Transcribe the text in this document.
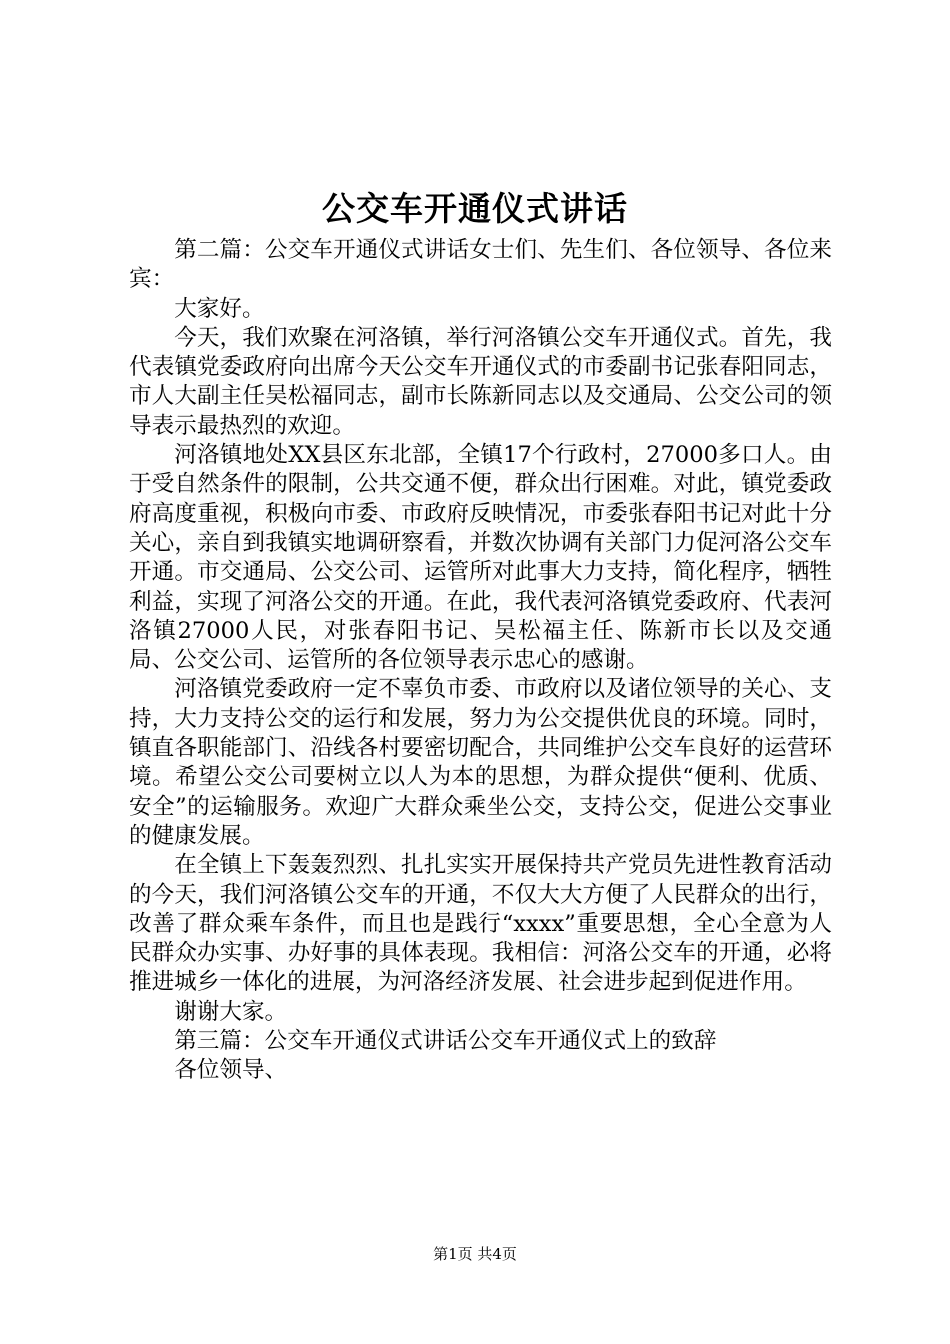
公交车开通仪式讲话

第二篇：公交车开通仪式讲话女士们、先生们、各位领导、各位来宾：

大家好。

今天，我们欢聚在河洛镇，举行河洛镇公交车开通仪式。首先，我代表镇党委政府向出席今天公交车开通仪式的市委副书记张春阳同志，市人大副主任吴松福同志，副市长陈新同志以及交通局、公交公司的领导表示最热烈的欢迎。

河洛镇地处XX县区东北部，全镇17个行政村，27000多口人。由于受自然条件的限制，公共交通不便，群众出行困难。对此，镇党委政府高度重视，积极向市委、市政府反映情况，市委张春阳书记对此十分关心，亲自到我镇实地调研察看，并数次协调有关部门力促河洛公交车开通。市交通局、公交公司、运管所对此事大力支持，简化程序，牺牲利益，实现了河洛公交的开通。在此，我代表河洛镇党委政府、代表河洛镇27000人民，对张春阳书记、吴松福主任、陈新市长以及交通局、公交公司、运管所的各位领导表示忠心的感谢。

河洛镇党委政府一定不辜负市委、市政府以及诸位领导的关心、支持，大力支持公交的运行和发展，努力为公交提供优良的环境。同时，镇直各职能部门、沿线各村要密切配合，共同维护公交车良好的运营环境。希望公交公司要树立以人为本的思想，为群众提供“便利、优质、安全”的运输服务。欢迎广大群众乘坐公交，支持公交，促进公交事业的健康发展。

在全镇上下轰轰烈烈、扎扎实实开展保持共产党员先进性教育活动的今天，我们河洛镇公交车的开通，不仅大大方便了人民群众的出行，改善了群众乘车条件，而且也是践行“xxxx”重要思想，全心全意为人民群众办实事、办好事的具体表现。我相信：河洛公交车的开通，必将推进城乡一体化的进展，为河洛经济发展、社会进步起到促进作用。

谢谢大家。

第三篇：公交车开通仪式讲话公交车开通仪式上的致辞

各位领导、

第1页 共4页
